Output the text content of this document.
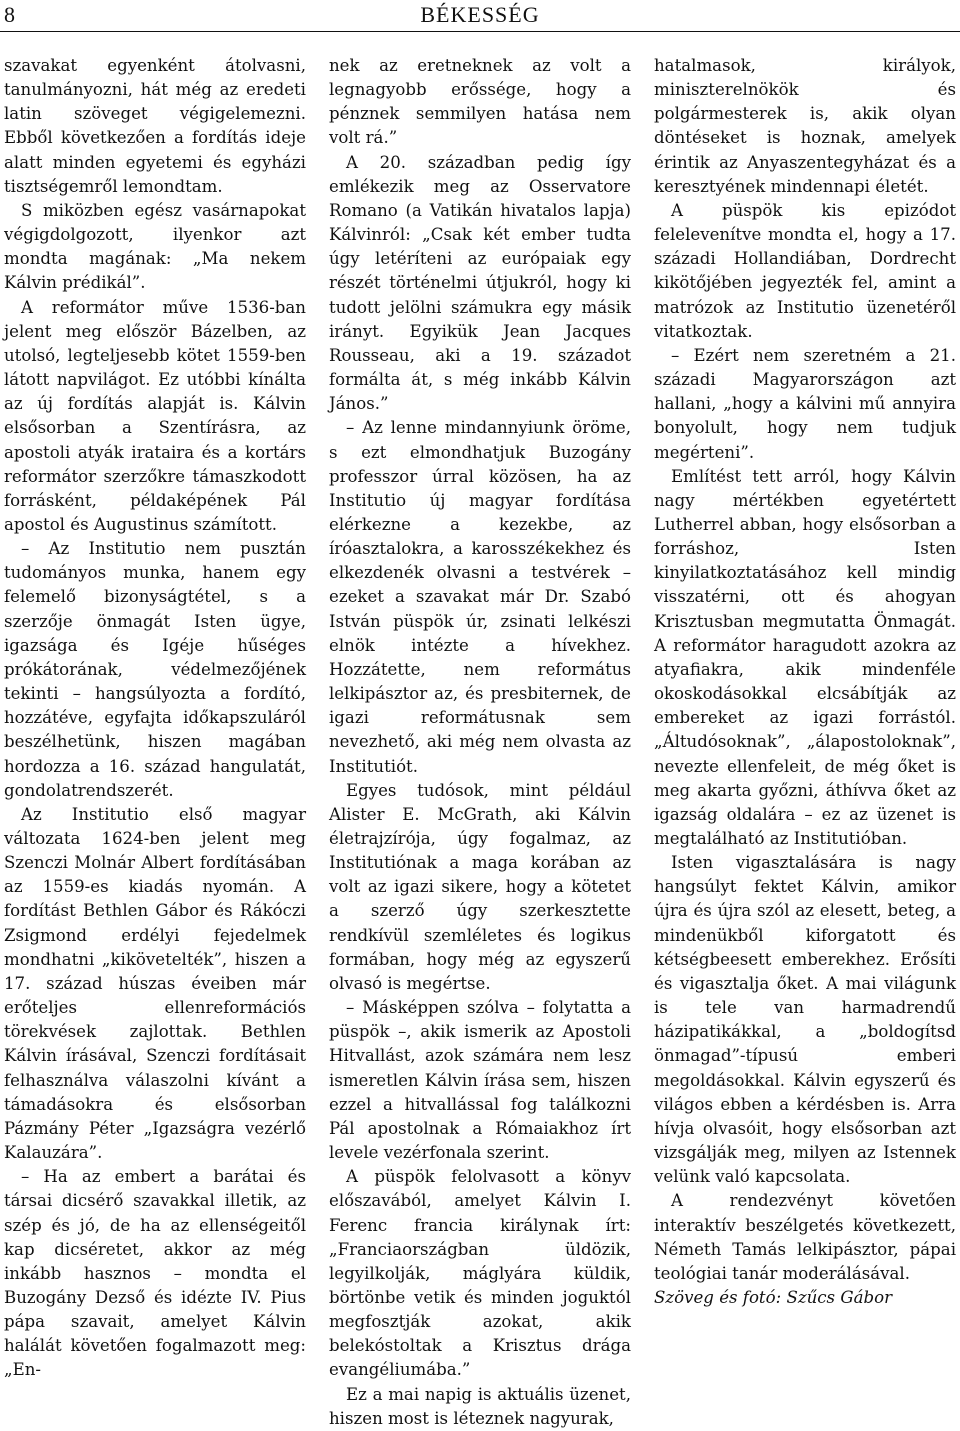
8	BÉKESSÉG

szavakat egyenként átolvasni, tanulmányozni, hát még az eredeti latin szöveget végigelemezni. Ebből következően a fordítás ideje alatt minden egyetemi és egyházi tisztségemről lemondtam.

S miközben egész vasárnapokat végigdolgozott, ilyenkor azt mondta magának: „Ma nekem Kálvin prédikál”.

A reformátor műve 1536-ban jelent meg először Bázelben, az utolsó, legteljesebb kötet 1559-ben látott napvilágot. Ez utóbbi kínálta az új fordítás alapját is. Kálvin elsősorban a Szentírásra, az apostoli atyák irataira és a kortárs reformátor szerzőkre támaszkodott forrásként, példaképének Pál apostol és Augustinus számított.

– Az Institutio nem pusztán tudományos munka, hanem egy felemelő bizonyságtétel, s a szerzője önmagát Isten ügye, igazsága és Igéje hűséges prókátorának, védelmezőjének tekinti – hangsúlyozta a fordító, hozzátéve, egyfajta időkapszuláról beszélhetünk, hiszen magában hordozza a 16. század hangulatát, gondolatrendszerét.

Az Institutio első magyar változata 1624-ben jelent meg Szenczi Molnár Albert fordításában az 1559-es kiadás nyomán. A fordítást Bethlen Gábor és Rákóczi Zsigmond erdélyi fejedelmek mondhatni „kikövetelték”, hiszen a 17. század húszas éveiben már erőteljes ellenreformációs törekvések zajlottak. Bethlen Kálvin írásával, Szenczi fordításait felhasználva válaszolni kívánt a támadásokra és elsősorban Pázmány Péter „Igazságra vezérlő Kalauzára”.

– Ha az embert a barátai és társai dicsérő szavakkal illetik, az szép és jó, de ha az ellenségeitől kap dicséretet, akkor az még inkább hasznos – mondta el Buzogány Dezső és idézte IV. Pius pápa szavait, amelyet Kálvin halálát követően fogalmazott meg: „En-

nek az eretneknek az volt a legnagyobb erőssége, hogy a pénznek semmilyen hatása nem volt rá.”

A 20. században pedig így emlékezik meg az Osservatore Romano (a Vatikán hivatalos lapja) Kálvinról: „Csak két ember tudta úgy letéríteni az európaiak egy részét történelmi útjukról, hogy ki tudott jelölni számukra egy másik irányt. Egyikük Jean Jacques Rousseau, aki a 19. századot formálta át, s még inkább Kálvin János.”

– Az lenne mindannyiunk öröme, s ezt elmondhatjuk Buzogány professzor úrral közösen, ha az Institutio új magyar fordítása elérkezne a kezekbe, az íróasztalokra, a karosszékekhez és elkezdenék olvasni a testvérek – ezeket a szavakat már Dr. Szabó István püspök úr, zsinati lelkészi elnök intézte a hívekhez. Hozzátette, nem református lelkipásztor az, és presbiternek, de igazi reformátusnak sem nevezhető, aki még nem olvasta az Institutiót.

Egyes tudósok, mint például Alister E. McGrath, aki Kálvin életrajzírója, úgy fogalmaz, az Institutiónak a maga korában az volt az igazi sikere, hogy a kötetet a szerző úgy szerkesztette rendkívül szemléletes és logikus formában, hogy még az egyszerű olvasó is megértse.

– Másképpen szólva – folytatta a püspök –, akik ismerik az Apostoli Hitvallást, azok számára nem lesz ismeretlen Kálvin írása sem, hiszen ezzel a hitvallással fog találkozni Pál apostolnak a Rómaiakhoz írt levele vezérfonala szerint.

A püspök felolvasott a könyv előszavából, amelyet Kálvin I. Ferenc francia királynak írt: „Franciaországban üldözik, legyilkolják, máglyára küldik, börtönbe vetik és minden joguktól megfosztják azokat, akik belekóstoltak a Krisztus drága evangéliumába.”

Ez a mai napig is aktuális üzenet, hiszen most is léteznek nagyurak,

hatalmasok, királyok, miniszterelnökök és polgármesterek is, akik olyan döntéseket is hoznak, amelyek érintik az Anyaszentegyházat és a keresztyének mindennapi életét.

A püspök kis epizódot felelevenítve mondta el, hogy a 17. századi Hollandiában, Dordrecht kikötőjében jegyezték fel, amint a matrózok az Institutio üzenetéről vitatkoztak.

– Ezért nem szeretném a 21. századi Magyarországon azt hallani, „hogy a kálvini mű annyira bonyolult, hogy nem tudjuk megérteni”.

Említést tett arról, hogy Kálvin nagy mértékben egyetértett Lutherrel abban, hogy elsősorban a forráshoz, Isten kinyilatkoztatásához kell mindig visszatérni, ott és ahogyan Krisztusban megmutatta Önmagát. A reformátor haragudott azokra az atyafiakra, akik mindenféle okoskodásokkal elcsábítják az embereket az igazi forrástól. „Áltudósoknak”, „álapostoloknak”, nevezte ellenfeleit, de még őket is meg akarta győzni, áthívva őket az igazság oldalára – ez az üzenet is megtalálható az Institutióban.

Isten vigasztalására is nagy hangsúlyt fektet Kálvin, amikor újra és újra szól az elesett, beteg, a mindenükből kiforgatott és kétségbeesett emberekhez. Erősíti és vigasztalja őket. A mai világunk is tele van harmadrendű házipatikákkal, a „boldogítsd önmagad”-típusú emberi megoldásokkal. Kálvin egyszerű és világos ebben a kérdésben is. Arra hívja olvasóit, hogy elsősorban azt vizsgálják meg, milyen az Istennek velünk való kapcsolata.

A rendezvényt követően interaktív beszélgetés következett, Németh Tamás lelkipásztor, pápai teológiai tanár moderálásával.

Szöveg és fotó: Szűcs Gábor
